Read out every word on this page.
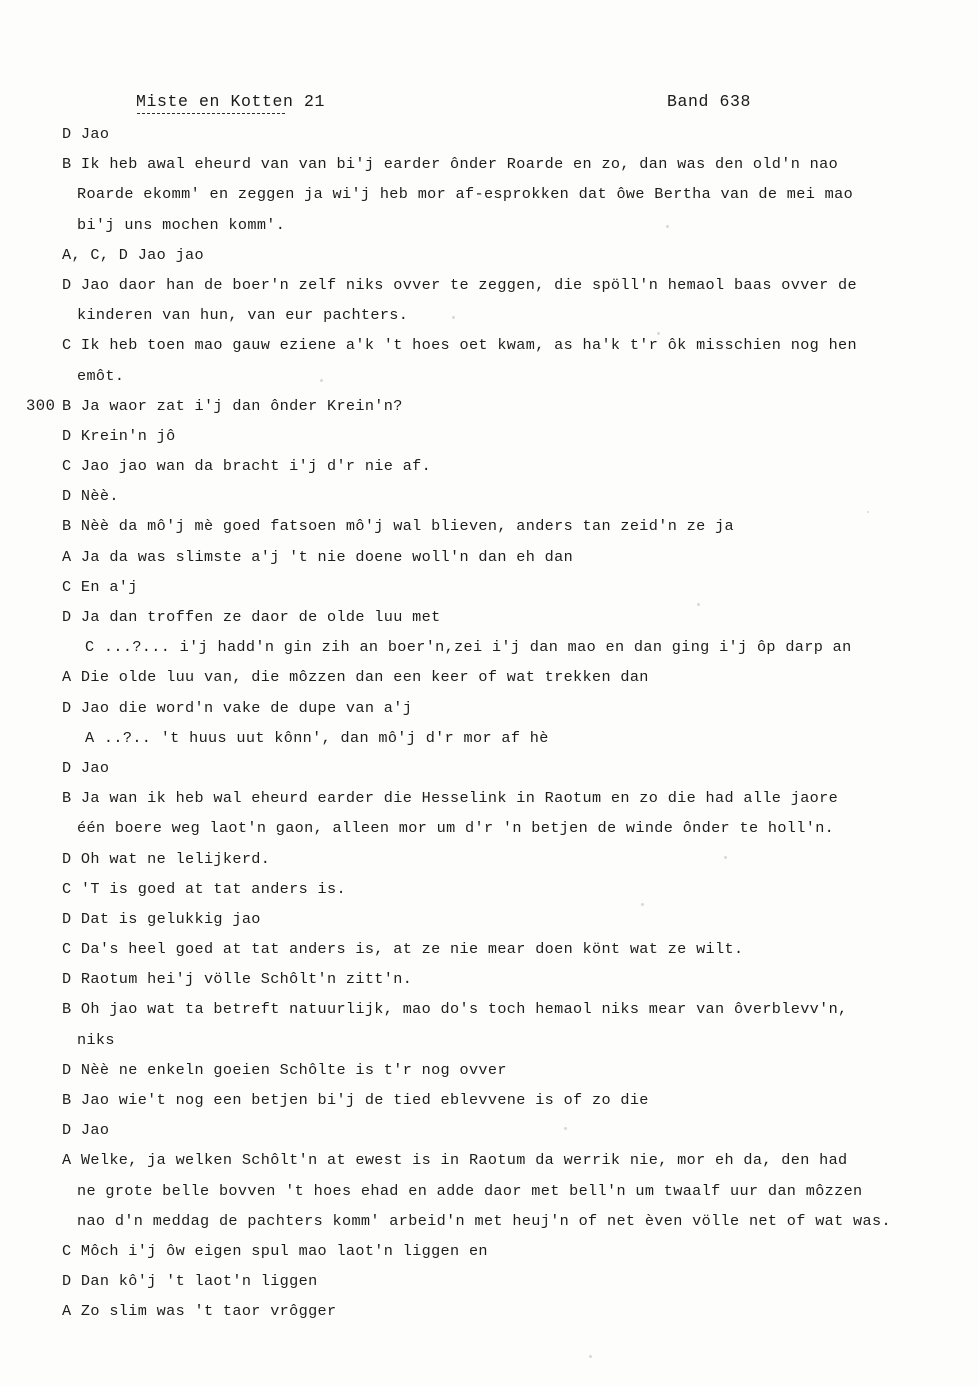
Miste en Kotten 21	Band 638
D Jao
B Ik heb awal eheurd van van bi'j earder ônder Roarde en zo, dan was den old'n nao
Roarde ekomm' en zeggen ja wi'j heb mor af-esprokken dat ôwe Bertha van de mei mao
bi'j uns mochen komm'.
A, C, D Jao jao
D Jao daor han de boer'n zelf niks ovver te zeggen, die spöll'n hemaol baas ovver de
kinderen van hun, van eur pachters.
C Ik heb toen mao gauw eziene a'k 't hoes oet kwam, as ha'k t'r ôk misschien nog hen
emôt.
300 B Ja waor zat i'j dan ônder Krein'n?
D Krein'n jô
C Jao jao wan da bracht i'j d'r nie af.
D Nèè.
B Nèè da mô'j mè goed fatsoen mô'j wal blieven, anders tan zeid'n ze ja
A Ja da was slimste a'j 't nie doene woll'n dan eh dan
C En a'j
D Ja dan troffen ze daor de olde luu met
C ...?... i'j hadd'n gin zih an boer'n,zei i'j dan mao en dan ging i'j ôp darp an
A Die olde luu van, die môzzen dan een keer of wat trekken dan
D Jao die word'n vake de dupe van a'j
A ..?.. 't huus uut kônn', dan mô'j d'r mor af hè
D Jao
B Ja wan ik heb wal eheurd earder die Hesselink in Raotum en zo die had alle jaore
één boere weg laot'n gaon, alleen mor um d'r 'n betjen de winde ônder te holl'n.
D Oh wat ne lelijkerd.
C 'T is goed at tat anders is.
D Dat is gelukkig jao
C Da's heel goed at tat anders is, at ze nie mear doen könt wat ze wilt.
D Raotum hei'j völle Schôlt'n zitt'n.
B Oh jao wat ta betreft natuurlijk, mao do's toch hemaol niks mear van ôverblevv'n,
niks
D Nèè ne enkeln goeien Schôlte is t'r nog ovver
B Jao wie't nog een betjen bi'j de tied eblevvene is of zo die
D Jao
A Welke, ja welken Schôlt'n at ewest is in Raotum da werrik nie, mor eh da, den had
ne grote belle bovven 't hoes ehad en adde daor met bell'n um twaalf uur dan môzzen
nao d'n meddag de pachters komm' arbeid'n met heuj'n of net èven völle net of wat was.
C Môch i'j ôw eigen spul mao laot'n liggen en
D Dan kô'j 't laot'n liggen
A Zo slim was 't taor vrôgger
